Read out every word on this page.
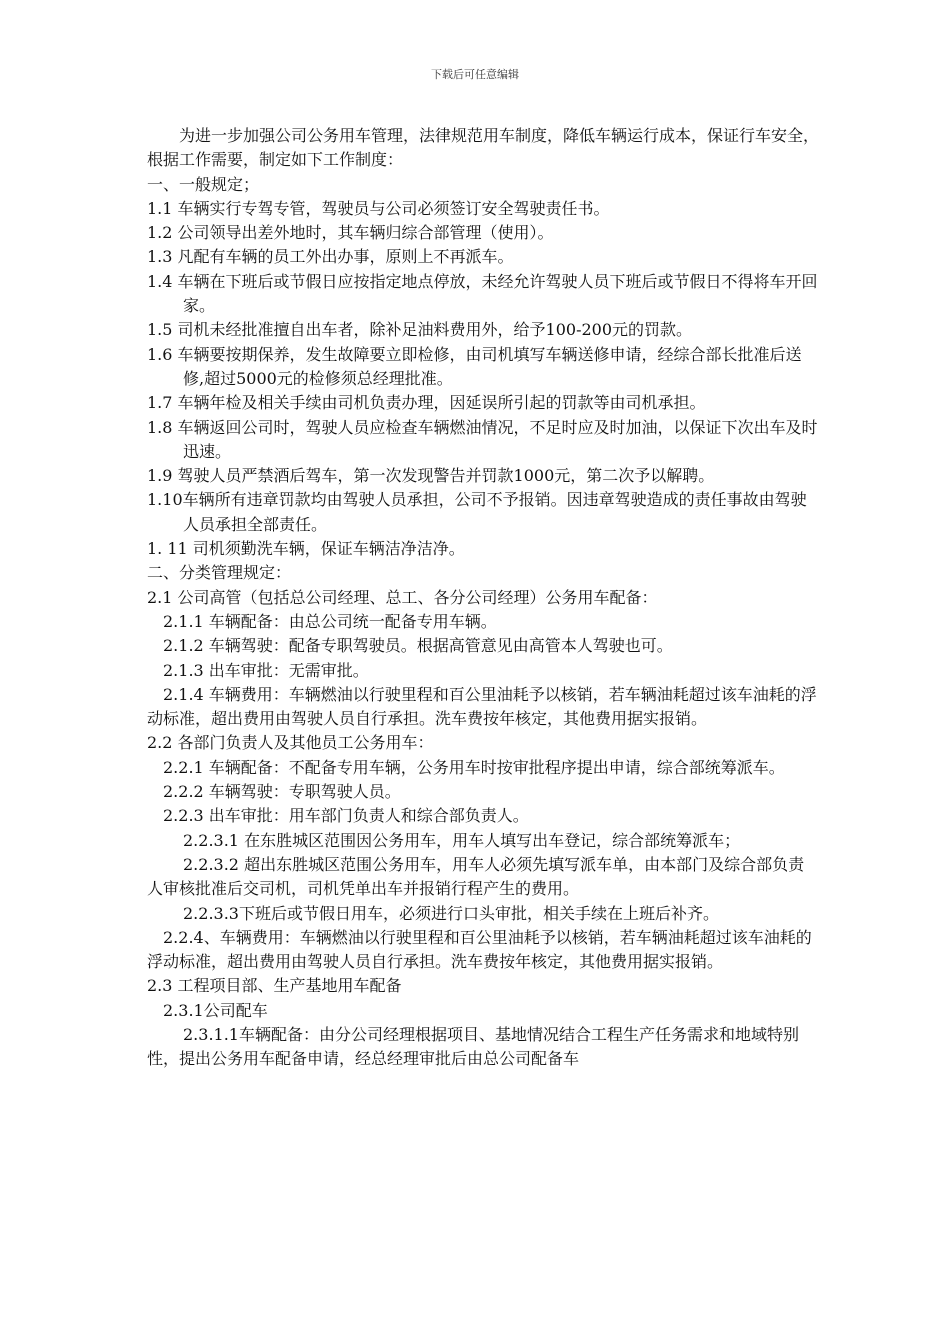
下载后可任意编辑

为进一步加强公司公务用车管理，法律规范用车制度，降低车辆运行成本，保证行车安全，根据工作需要，制定如下工作制度：

一、一般规定；

1.1 车辆实行专驾专管，驾驶员与公司必须签订安全驾驶责任书。

1.2 公司领导出差外地时，其车辆归综合部管理（使用）。

1.3 凡配有车辆的员工外出办事，原则上不再派车。

1.4 车辆在下班后或节假日应按指定地点停放，未经允许驾驶人员下班后或节假日不得将车开回家。

1.5 司机未经批准擅自出车者，除补足油料费用外，给予100-200元的罚款。

1.6 车辆要按期保养，发生故障要立即检修，由司机填写车辆送修申请，经综合部长批准后送修,超过5000元的检修须总经理批准。

1.7 车辆年检及相关手续由司机负责办理，因延误所引起的罚款等由司机承担。

1.8 车辆返回公司时，驾驶人员应检查车辆燃油情况，不足时应及时加油，以保证下次出车及时迅速。

1.9 驾驶人员严禁酒后驾车，第一次发现警告并罚款1000元，第二次予以解聘。

1.10车辆所有违章罚款均由驾驶人员承担，公司不予报销。因违章驾驶造成的责任事故由驾驶人员承担全部责任。

1. 11 司机须勤洗车辆，保证车辆洁净洁净。

二、分类管理规定：

2.1 公司高管（包括总公司经理、总工、各分公司经理）公务用车配备：

2.1.1 车辆配备：由总公司统一配备专用车辆。

2.1.2 车辆驾驶：配备专职驾驶员。根据高管意见由高管本人驾驶也可。

2.1.3 出车审批：无需审批。

2.1.4 车辆费用：车辆燃油以行驶里程和百公里油耗予以核销，若车辆油耗超过该车油耗的浮动标准，超出费用由驾驶人员自行承担。洗车费按年核定，其他费用据实报销。

2.2 各部门负责人及其他员工公务用车：

2.2.1 车辆配备：不配备专用车辆，公务用车时按审批程序提出申请，综合部统筹派车。

2.2.2 车辆驾驶：专职驾驶人员。

2.2.3 出车审批：用车部门负责人和综合部负责人。

2.2.3.1 在东胜城区范围因公务用车，用车人填写出车登记，综合部统筹派车；

2.2.3.2 超出东胜城区范围公务用车，用车人必须先填写派车单，由本部门及综合部负责人审核批准后交司机，司机凭单出车并报销行程产生的费用。

2.2.3.3下班后或节假日用车，必须进行口头审批，相关手续在上班后补齐。

2.2.4、车辆费用：车辆燃油以行驶里程和百公里油耗予以核销，若车辆油耗超过该车油耗的浮动标准，超出费用由驾驶人员自行承担。洗车费按年核定，其他费用据实报销。

2.3 工程项目部、生产基地用车配备

2.3.1公司配车

2.3.1.1车辆配备：由分公司经理根据项目、基地情况结合工程生产任务需求和地域特别性，提出公务用车配备申请，经总经理审批后由总公司配备车
